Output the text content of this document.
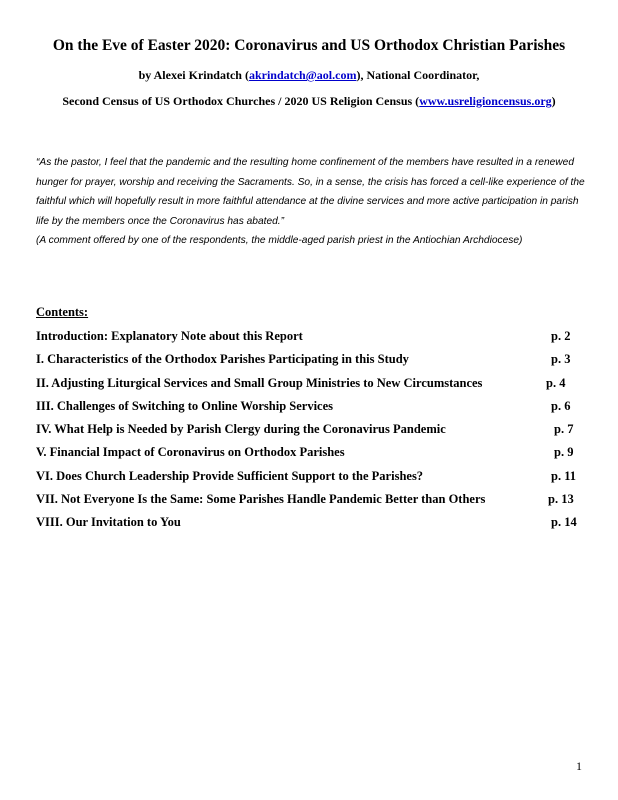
On the Eve of Easter 2020: Coronavirus and US Orthodox Christian Parishes
by Alexei Krindatch (akrindatch@aol.com), National Coordinator,
Second Census of US Orthodox Churches / 2020 US Religion Census (www.usreligioncensus.org)
“As the pastor, I feel that the pandemic and the resulting home confinement of the members have resulted in a renewed hunger for prayer, worship and receiving the Sacraments. So, in a sense, the crisis has forced a cell-like experience of the faithful which will hopefully result in more faithful attendance at the divine services and more active participation in parish life by the members once the Coronavirus has abated.”
(A comment offered by one of the respondents, the middle-aged parish priest in the Antiochian Archdiocese)
Contents:
Introduction: Explanatory Note about this Report	p. 2
I. Characteristics of the Orthodox Parishes Participating in this Study	p. 3
II. Adjusting Liturgical Services and Small Group Ministries to New Circumstances	p. 4
III. Challenges of Switching to Online Worship Services	p. 6
IV. What Help is Needed by Parish Clergy during the Coronavirus Pandemic	p. 7
V. Financial Impact of Coronavirus on Orthodox Parishes	p. 9
VI. Does Church Leadership Provide Sufficient Support to the Parishes?	p. 11
VII. Not Everyone Is the Same: Some Parishes Handle Pandemic Better than Others	p. 13
VIII. Our Invitation to You	p. 14
1
